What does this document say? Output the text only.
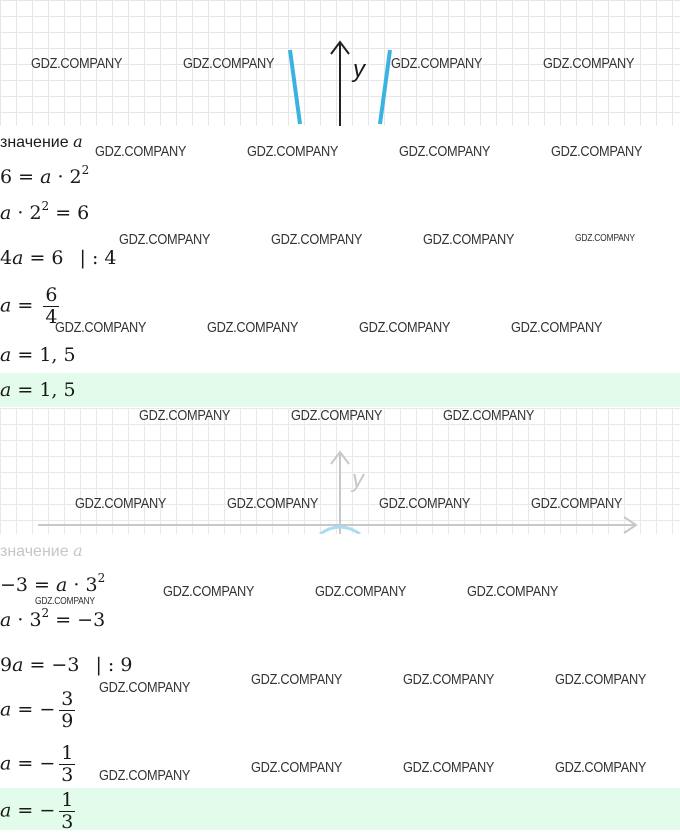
y
значение a
$6 = a \cdot 2^2$
$a \cdot 2^2 = 6$
4a = 6 | : 4
$a = \frac{6}{4}$
a = 1, 5
a = 1, 5
y
значение a
$-3 = a \cdot 3^2$
$a \cdot 3^2 = -3$
9a = −3 | : 9
a = − $\frac{3}{9}$
a = − $\frac{1}{3}$
a = − $\frac{1}{3}$
GDZ.COMPANY	GDZ.COMPANY	GDZ.COMPANY	GDZ.COMPANY
GDZ.COMPANY	GDZ.COMPANY	GDZ.COMPANY	GDZ.COMPANY
GDZ.COMPANY	GDZ.COMPANY	GDZ.COMPANY	GDZ.COMPANY
GDZ.COMPANY	GDZ.COMPANY	GDZ.COMPANY	GDZ.COMPANY
GDZ.COMPANY	GDZ.COMPANY	GDZ.COMPANY
GDZ.COMPANY	GDZ.COMPANY	GDZ.COMPANY	GDZ.COMPANY
GDZ.COMPANY	GDZ.COMPANY	GDZ.COMPANY
GDZ.COMPANY
GDZ.COMPANY	GDZ.COMPANY	GDZ.COMPANY	GDZ.COMPANY
GDZ.COMPANY	GDZ.COMPANY	GDZ.COMPANY	GDZ.COMPANY
